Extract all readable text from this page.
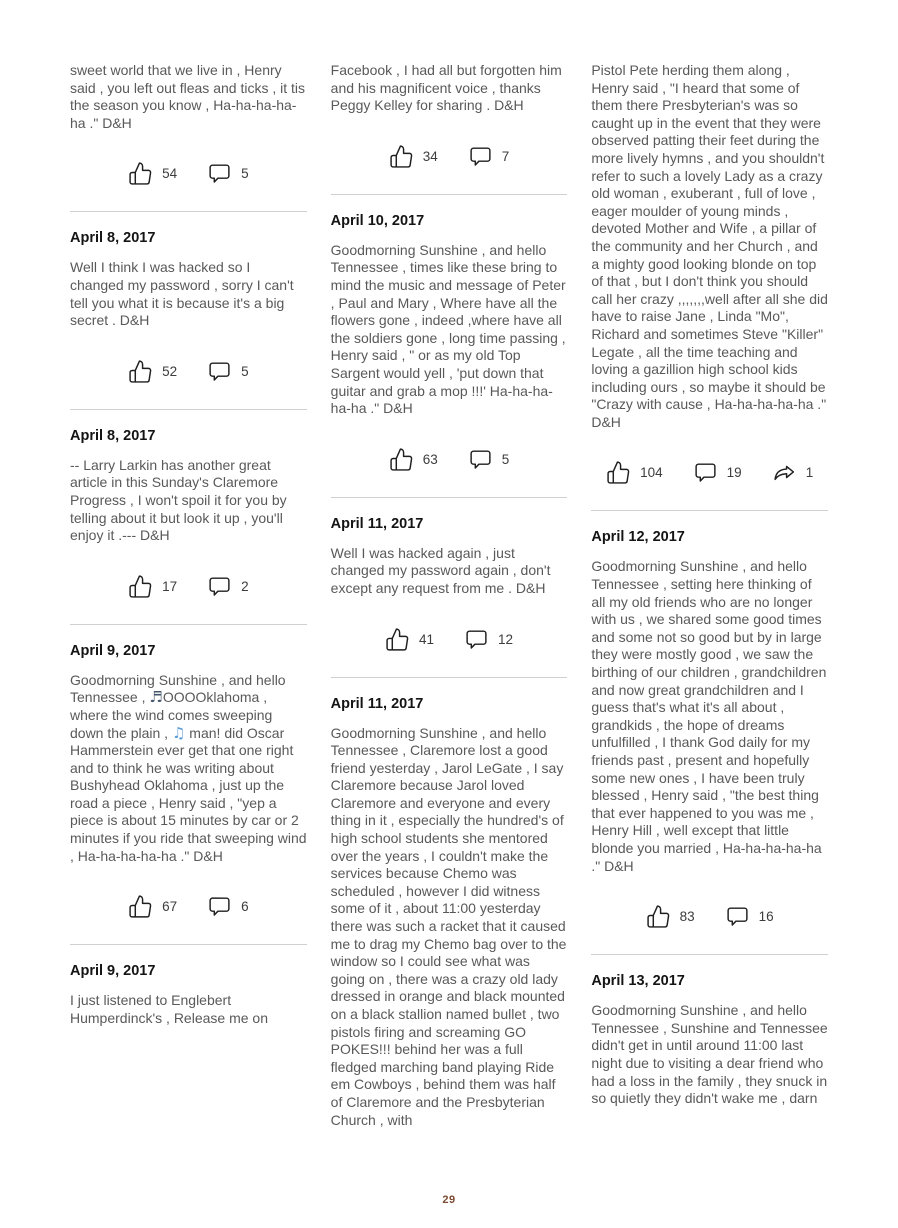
sweet world that we live in , Henry said , you left out fleas and ticks , it tis the season you know , Ha-ha-ha-ha-ha ." D&H

54	5
April 8, 2017

Well I think I was hacked so I changed my password , sorry I can't tell you what it is because it's a big secret . D&H

52	5
April 8, 2017

-- Larry Larkin has another great article in this Sunday's Claremore Progress , I won't spoil it for you by telling about it but look it up , you'll enjoy it .--- D&H

17	2
April 9, 2017

Goodmorning Sunshine , and hello Tennessee , ♬OOOOklahoma , where the wind comes sweeping down the plain , ♫ man! did Oscar Hammerstein ever get that one right and to think he was writing about Bushyhead Oklahoma , just up the road a piece , Henry said , "yep a piece is about 15 minutes by car or 2 minutes if you ride that sweeping wind , Ha-ha-ha-ha-ha ." D&H

67	6
April 9, 2017

I just listened to Englebert Humperdinck's , Release me on

Facebook , I had all but forgotten him and his magnificent voice , thanks Peggy Kelley for sharing . D&H

34	7
April 10, 2017

Goodmorning Sunshine , and hello Tennessee , times like these bring to mind the music and message of Peter , Paul and Mary , Where have all the flowers gone , indeed ,where have all the soldiers gone , long time passing , Henry said , " or as my old Top Sargent would yell , 'put down that guitar and grab a mop !!!' Ha-ha-ha-ha-ha ." D&H

63	5
April 11, 2017

Well I was hacked again , just changed my password again , don't except any request from me . D&H

41	12
April 11, 2017

Goodmorning Sunshine , and hello Tennessee , Claremore lost a good friend yesterday , Jarol LeGate , I say Claremore because Jarol loved Claremore and everyone and every thing in it , especially the hundred's of high school students she mentored over the years , I couldn't make the services because Chemo was scheduled , however I did witness some of it , about 11:00 yesterday there was such a racket that it caused me to drag my Chemo bag over to the window so I could see what was going on , there was a crazy old lady dressed in orange and black mounted on a black stallion named bullet , two pistols firing and screaming GO POKES!!! behind her was a full fledged marching band playing Ride em Cowboys , behind them was half of Claremore and the Presbyterian Church , with

Pistol Pete herding them along , Henry said , "I heard that some of them there Presbyterian's was so caught up in the event that they were observed patting their feet during the more lively hymns , and you shouldn't refer to such a lovely Lady as a crazy old woman , exuberant , full of love , eager moulder of young minds , devoted Mother and Wife , a pillar of the community and her Church , and a mighty good looking blonde on top of that , but I don't think you should call her crazy ,,,,,,,well after all she did have to raise Jane , Linda "Mo", Richard and sometimes Steve "Killer" Legate , all the time teaching and loving a gazillion high school kids including ours , so maybe it should be "Crazy with cause , Ha-ha-ha-ha-ha ." D&H

104	19	1
April 12, 2017

Goodmorning Sunshine , and hello Tennessee , setting here thinking of all my old friends who are no longer with us , we shared some good times and some not so good but by in large they were mostly good , we saw the birthing of our children , grandchildren and now great grandchildren and I guess that's what it's all about , grandkids , the hope of dreams unfulfilled , I thank God daily for my friends past , present and hopefully some new ones , I have been truly blessed , Henry said , "the best thing that ever happened to you was me , Henry Hill , well except that little blonde you married , Ha-ha-ha-ha-ha ." D&H

83	16
April 13, 2017

Goodmorning Sunshine , and hello Tennessee , Sunshine and Tennessee didn't get in until around 11:00 last night due to visiting a dear friend who had a loss in the family , they snuck in so quietly they didn't wake me , darn

29
